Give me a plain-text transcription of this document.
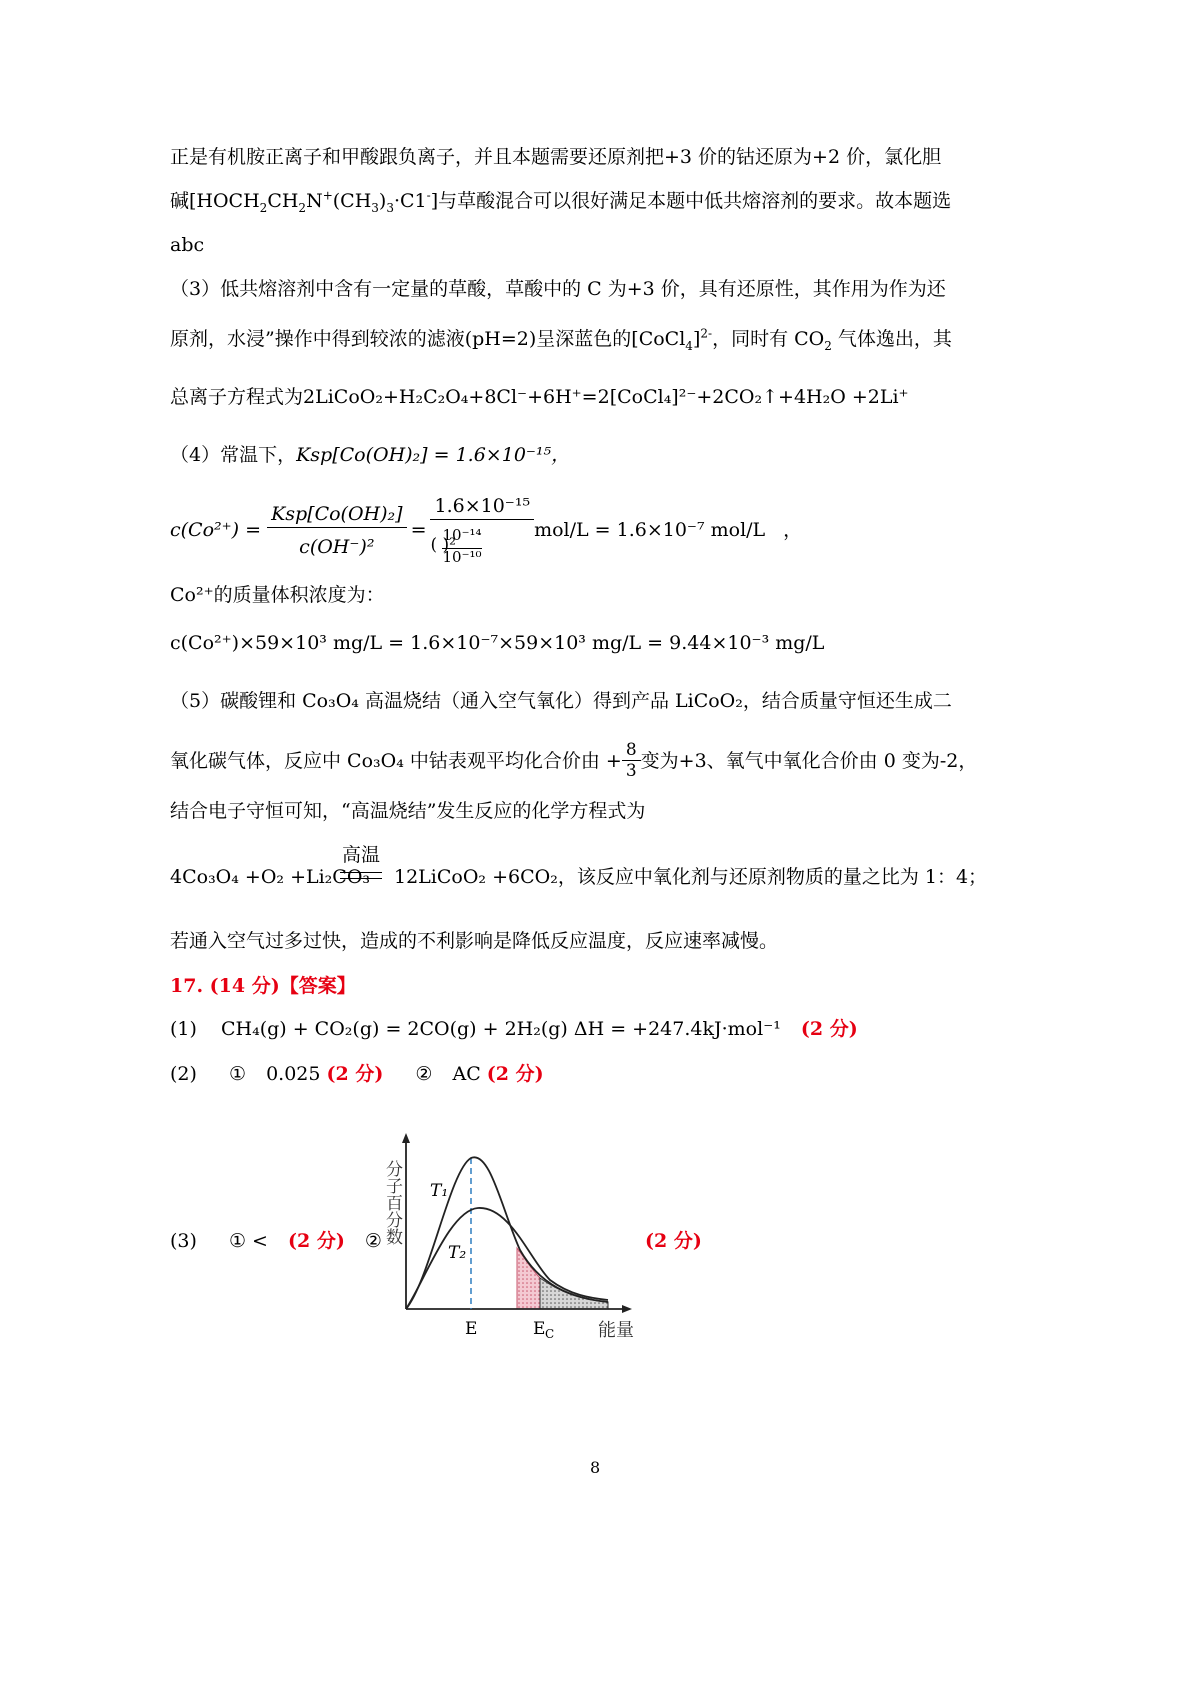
正是有机胺正离子和甲酸跟负离子，并且本题需要还原剂把+3 价的钴还原为+2 价，氯化胆
碱$[HOCH_2CH_2N^+(CH_3)_3\cdot C1^-]$与草酸混合可以很好满足本题中低共熔溶剂的要求。故本题选
abc
（3）低共熔溶剂中含有一定量的草酸，草酸中的 C 为+3 价，具有还原性，其作用为作为还
原剂，水浸”操作中得到较浓的滤液(pH=2)呈深蓝色的[CoCl$_4$]$^{2-}$，同时有 $CO_2$ 气体逸出，其
总离子方程式为2LiCoO₂+H₂C₂O₄+8Cl⁻+6H⁺=2[CoCl₄]²⁻+2CO₂↑+4H₂O +2Li⁺
（4）常温下，Ksp[Co(OH)₂] = 1.6×10⁻¹⁵，
$c(Co^{2+}) = \frac{\text{Ksp[Co(OH)₂]}}{\text{c(OH⁻)²}} = 1.6\times 10^{-15}$
10⁻¹⁴
10⁻¹⁰
( )² mol/L = 1.6×10⁻⁷ mol/L ，
Co²⁺的质量体积浓度为：
c(Co²⁺)×59×10³ mg/L = 1.6×10⁻⁷×59×10³ mg/L = 9.44×10⁻³ mg/L
（5）碳酸锂和 Co₃O₄ 高温烧结（通入空气氧化）得到产品 LiCoO₂，结合质量守恒还生成二
氧化碳气体，反应中 Co₃O₄ 中钴表观平均化合价由 + $\frac{8}{3}$ 变为+3、氧气中氧化合价由 0 变为-2，
结合电子守恒可知，“高温烧结”发生反应的化学方程式为
4Co₃O₄ +O₂ +Li₂CO₃
高温
12LiCoO₂ +6CO₂，该反应中氧化剂与还原剂物质的量之比为 1：4；
若通入空气过多过快，造成的不利影响是降低反应温度，反应速率减慢。
17. (14 分)【答案】
(1) CH₄(g) + CO₂(g) = 2CO(g) + 2H₂(g) ΔH = +247.4kJ·mol⁻¹ (2 分)
(2) ① 0.025 (2 分) ② AC (2 分)
(3) ① < (2 分) ②	(2 分)
T₁
T₂
分子百分数
E	E C 能量
8
